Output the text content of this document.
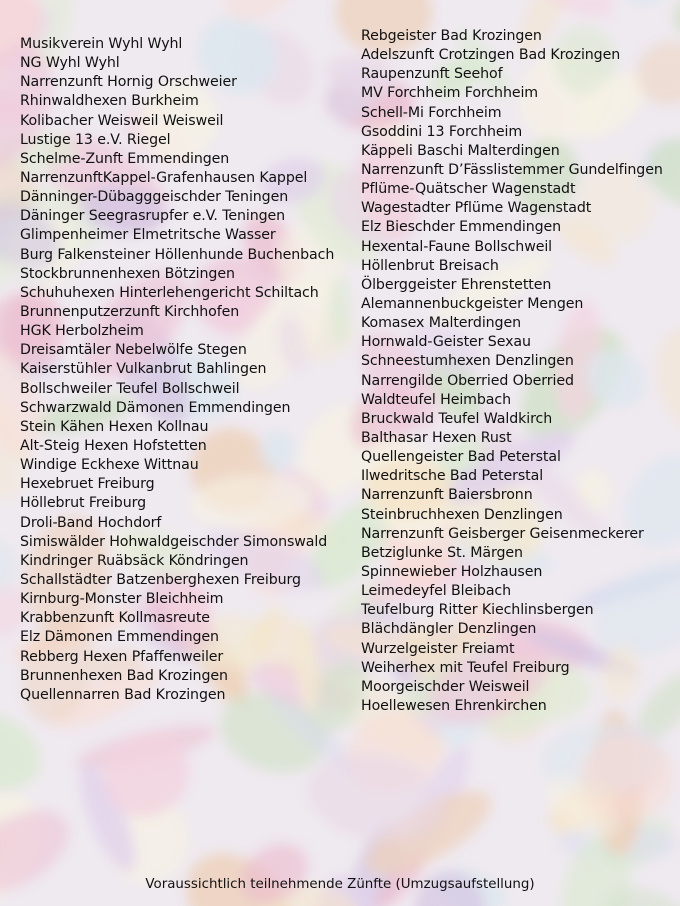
Musikverein Wyhl Wyhl
NG Wyhl Wyhl
Narrenzunft Hornig Orschweier
Rhinwaldhexen Burkheim
Kolibacher Weisweil Weisweil
Lustige 13 e.V. Riegel
Schelme-Zunft Emmendingen
NarrenzunftKappel-Grafenhausen Kappel
Dänninger-Dübagggeischder Teningen
Däninger Seegrasrupfer e.V. Teningen
Glimpenheimer Elmetritsche Wasser
Burg Falkensteiner Höllenhunde Buchenbach
Stockbrunnenhexen Bötzingen
Schuhuhexen Hinterlehengericht Schiltach
Brunnenputzerzunft Kirchhofen
HGK Herbolzheim
Dreisamtäler Nebelwölfe Stegen
Kaiserstühler Vulkanbrut Bahlingen
Bollschweiler Teufel Bollschweil
Schwarzwald Dämonen Emmendingen
Stein Kähen Hexen Kollnau
Alt-Steig Hexen Hofstetten
Windige Eckhexe Wittnau
Hexebruet Freiburg
Höllebrut Freiburg
Droli-Band Hochdorf
Simiswälder Hohwaldgeischder Simonswald
Kindringer Ruäbsäck Köndringen
Schallstädter Batzenberghexen Freiburg
Kirnburg-Monster Bleichheim
Krabbenzunft Kollmasreute
Elz Dämonen Emmendingen
Rebberg Hexen Pfaffenweiler
Brunnenhexen Bad Krozingen
Quellennarren Bad Krozingen
Rebgeister Bad Krozingen
Adelszunft Crotzingen Bad Krozingen
Raupenzunft Seehof
MV Forchheim Forchheim
Schell-Mi Forchheim
Gsoddini 13 Forchheim
Käppeli Baschi Malterdingen
Narrenzunft D’Fässlistemmer Gundelfingen
Pflüme-Quätscher Wagenstadt
Wagestadter Pflüme Wagenstadt
Elz Bieschder Emmendingen
Hexental-Faune Bollschweil
Höllenbrut Breisach
Ölberggeister Ehrenstetten
Alemannenbuckgeister Mengen
Komasex Malterdingen
Hornwald-Geister Sexau
Schneestumhexen Denzlingen
Narrengilde Oberried Oberried
Waldteufel Heimbach
Bruckwald Teufel Waldkirch
Balthasar Hexen Rust
Quellengeister Bad Peterstal
Ilwedritsche Bad Peterstal
Narrenzunft Baiersbronn
Steinbruchhexen Denzlingen
Narrenzunft Geisberger Geisenmeckerer
Betziglunke St. Märgen
Spinnewieber Holzhausen
Leimedeyfel Bleibach
Teufelburg Ritter Kiechlinsbergen
Blächdängler Denzlingen
Wurzelgeister Freiamt
Weiherhex mit Teufel Freiburg
Moorgeischder Weisweil
Hoellewesen Ehrenkirchen
Voraussichtlich teilnehmende Zünfte (Umzugsaufstellung)
